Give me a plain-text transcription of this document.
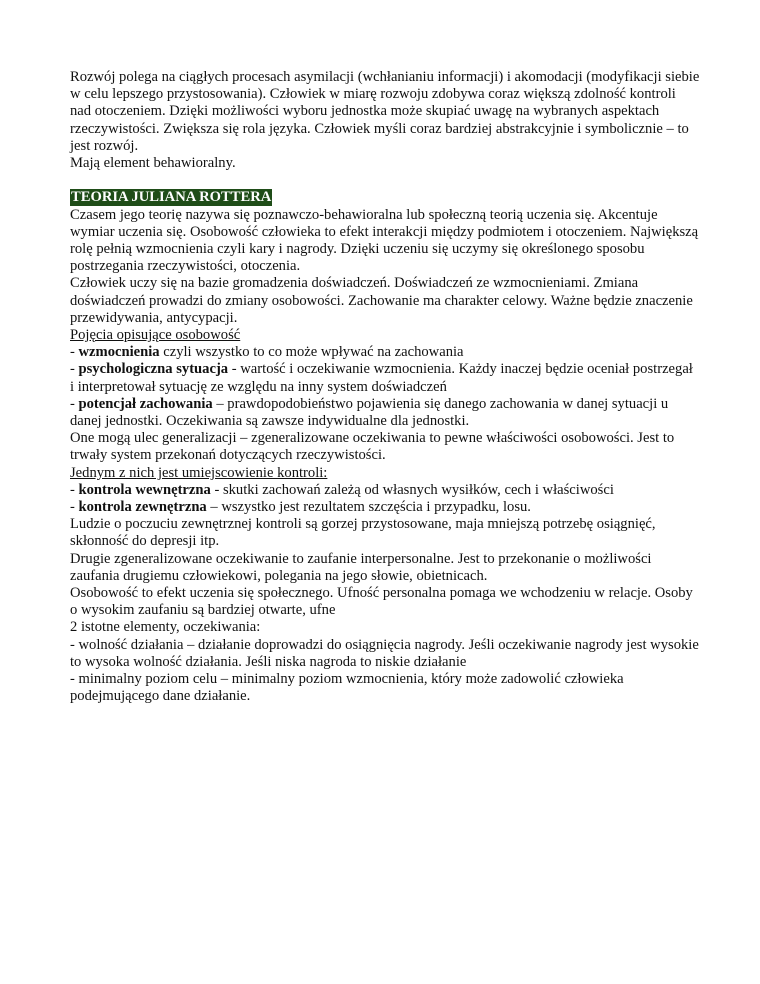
Rozwój polega na ciągłych procesach asymilacji (wchłanianiu informacji) i akomodacji (modyfikacji siebie w celu lepszego przystosowania). Człowiek w miarę rozwoju zdobywa coraz większą zdolność kontroli nad otoczeniem. Dzięki możliwości wyboru jednostka może skupiać uwagę na wybranych aspektach rzeczywistości. Zwiększa się rola języka. Człowiek myśli coraz bardziej abstrakcyjnie i symbolicznie – to jest rozwój.

Mają element behawioralny.

TEORIA JULIANA ROTTERA

Czasem jego teorię nazywa się poznawczo-behawioralna lub społeczną teorią uczenia się. Akcentuje wymiar uczenia się. Osobowość człowieka to efekt interakcji między podmiotem i otoczeniem. Największą rolę pełnią wzmocnienia czyli kary i nagrody. Dzięki uczeniu się uczymy się określonego sposobu postrzegania rzeczywistości, otoczenia.

Człowiek uczy się na bazie gromadzenia doświadczeń. Doświadczeń ze wzmocnieniami. Zmiana doświadczeń prowadzi do zmiany osobowości. Zachowanie ma charakter celowy. Ważne będzie znaczenie przewidywania, antycypacji.

Pojęcia opisujące osobowość

- wzmocnienia czyli wszystko to co może wpływać na zachowania

- psychologiczna sytuacja - wartość i oczekiwanie wzmocnienia. Każdy inaczej będzie oceniał postrzegał i interpretował sytuację ze względu na inny system doświadczeń

- potencjał zachowania – prawdopodobieństwo pojawienia się danego zachowania w danej sytuacji u danej jednostki. Oczekiwania są zawsze indywidualne dla jednostki.

One mogą ulec generalizacji – zgeneralizowane oczekiwania to pewne właściwości osobowości. Jest to trwały system przekonań dotyczących rzeczywistości.

Jednym z nich jest umiejscowienie kontroli:

- kontrola wewnętrzna - skutki zachowań zależą od własnych wysiłków, cech i właściwości

- kontrola zewnętrzna – wszystko jest rezultatem szczęścia i przypadku, losu.

Ludzie o poczuciu zewnętrznej kontroli są gorzej przystosowane, maja mniejszą potrzebę osiągnięć, skłonność do depresji itp.

Drugie zgeneralizowane oczekiwanie to zaufanie interpersonalne. Jest to przekonanie o możliwości zaufania drugiemu człowiekowi, polegania na jego słowie, obietnicach.

Osobowość to efekt uczenia się społecznego. Ufność personalna pomaga we wchodzeniu w relacje. Osoby o wysokim zaufaniu są bardziej otwarte, ufne

2 istotne elementy, oczekiwania:

- wolność działania – działanie doprowadzi do osiągnięcia nagrody. Jeśli oczekiwanie nagrody jest wysokie to wysoka wolność działania. Jeśli niska nagroda to niskie działanie

- minimalny poziom celu – minimalny poziom wzmocnienia, który może zadowolić człowieka podejmującego dane działanie.
